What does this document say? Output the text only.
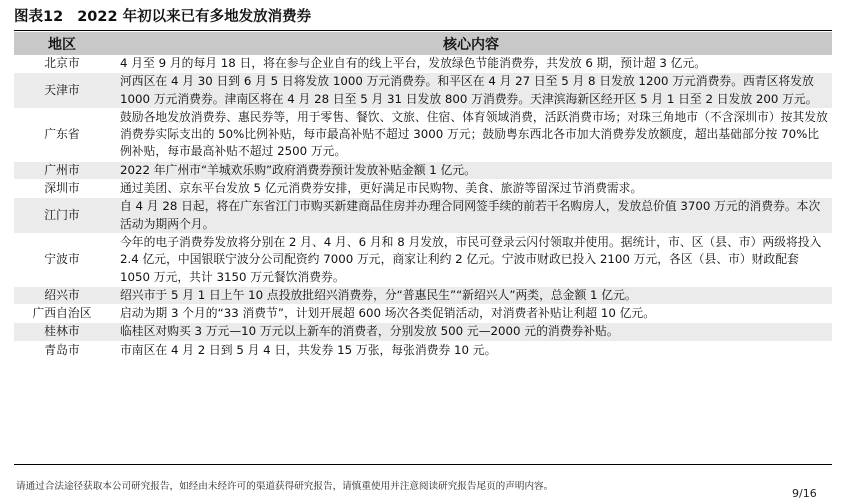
图表12 2022 年初以来已有多地发放消费券
地区	核心内容
北京市	4 月至 9 月的每月 18 日，将在参与企业自有的线上平台，发放绿色节能消费券，共发放 6 期，预计超 3 亿元。
天津市	河西区在 4 月 30 日到 6 月 5 日将发放 1000 万元消费券。和平区在 4 月 27 日至 5 月 8 日发放 1200 万元消费券。西青区将发放 1000 万元消费券。津南区将在 4 月 28 日至 5 月 31 日发放 800 万消费券。天津滨海新区经开区 5 月 1 日至 2 日发放 200 万元。
广东省	鼓励各地发放消费券、惠民券等，用于零售、餐饮、文旅、住宿、体育领域消费，活跃消费市场；对珠三角地市（不含深圳市）按其发放消费券实际支出的 50%比例补贴，每市最高补贴不超过 3000 万元；鼓励粤东西北各市加大消费券发放额度，超出基础部分按 70%比例补贴，每市最高补贴不超过 2500 万元。
广州市	2022 年广州市“羊城欢乐购”政府消费券预计发放补贴金额 1 亿元。
深圳市	通过美团、京东平台发放 5 亿元消费券安排，更好满足市民购物、美食、旅游等留深过节消费需求。
江门市	自 4 月 28 日起，将在广东省江门市购买新建商品住房并办理合同网签手续的前若干名购房人，发放总价值 3700 万元的消费券。本次活动为期两个月。
宁波市	今年的电子消费券发放将分别在 2 月、4 月、6 月和 8 月发放，市民可登录云闪付领取并使用。据统计，市、区（县、市）两级将投入 2.4 亿元，中国银联宁波分公司配资约 7000 万元，商家让利约 2 亿元。宁波市财政已投入 2100 万元，各区（县、市）财政配套 1050 万元，共计 3150 万元餐饮消费券。
绍兴市	绍兴市于 5 月 1 日上午 10 点投放批绍兴消费券，分“普惠民生”“新绍兴人”两类，总金额 1 亿元。
广西自治区	启动为期 3 个月的“33 消费节”，计划开展超 600 场次各类促销活动，对消费者补贴让利超 10 亿元。
桂林市	临桂区对购买 3 万元—10 万元以上新车的消费者，分别发放 500 元—2000 元的消费券补贴。
青岛市	市南区在 4 月 2 日到 5 月 4 日，共发券 15 万张，每张消费券 10 元。
请通过合法途径获取本公司研究报告，如经由未经许可的渠道获得研究报告，请慎重使用并注意阅读研究报告尾页的声明内容。
9/16
